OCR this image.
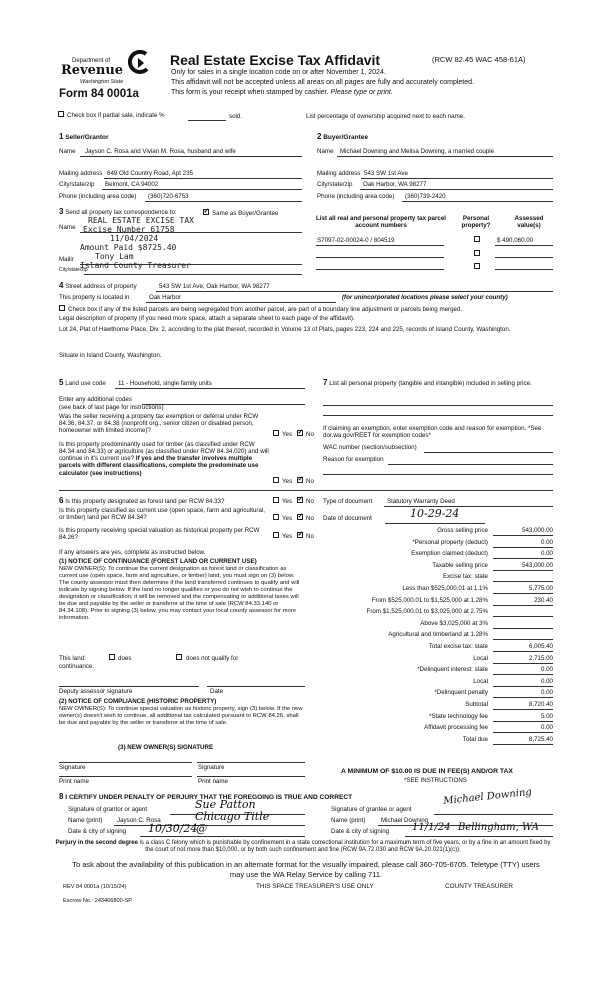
Department of
Revenue
Washington State
Form 84 0001a
Real Estate Excise Tax Affidavit	(RCW 82.45 WAC 458-61A)
Only for sales in a single location code on or after November 1, 2024.
This affidavit will not be accepted unless all areas on all pages are fully and accurately completed.
This form is your receipt when stamped by cashier. Please type or print.
Check box if partial sale, indicate %	sold.	List percentage of ownership acquired next to each name.
1 Seller/Grantor
Name Jayson C. Rosa and Vivian M. Rosa, husband and wife
Mailing address 649 Old Country Road, Apt 235
City/state/zip Belmont, CA 94002
Phone (including area code) (360)720-6753
2 Buyer/Grantee
Name Michael Downing and Melisa Downing, a married couple
Mailing address 543 SW 1st Ave
City/state/zip Oak Harbor, WA 98277
Phone (including area code) (360)739-2420
3 Send all property tax correspondence to: ✓	Same as Buyer/Grantee
Name
Mailir
City/state/zip
REAL ESTATE EXCISE TAX
Excise Number 61758
11/04/2024
Amount Paid $8725.40
Tony Lam
Island County Treasurer
List all real and personal property tax parcel account numbers
Personal property?
Assessed value(s)
S7097-02-00024-0 / 804519	$ 490,060.00
4 Street address of property	543 SW 1st Ave, Oak Harbor, WA 98277
This property is located in	Oak Harbor	(for unincorporated locations please select your county)
Check box if any of the listed parcels are being segregated from another parcel, are part of a boundary line adjustment or parcels being merged.
Legal description of property (if you need more space, attach a separate sheet to each page of the affidavit).
Lot 24, Plat of Hawthorne Place, Div. 2, according to the plat thereof, recorded in Volume 13 of Plats, pages 223, 224 and 225, records of Island County, Washington.
Situate in Island County, Washington.
5 Land use code 11 - Household, single family units
Enter any additional codes
(see back of last page for instructions)
Was the seller receiving a property tax exemption or deferral under RCW 84.36, 84.37, or 84.38 (nonprofit org., senior citizen or disabled person, homeowner with limited income)?
Yes ✓ No
Is this property predominantly used for timber (as classified under RCW 84.34 and 84.33) or agriculture (as classified under RCW 84.34.020) and will continue in it's current use? If yes and the transfer involves multiple parcels with different classifications, complete the predominate use calculator (see instructions)
Yes ✓ No
7 List all personal property (tangible and intangible) included in selling price.
If claiming an exemption, enter exemption code and reason for exemption. *See dor.wa.gov/REET for exemption codes*
WAC number (section/subsection)
Reason for exemption
6 Is this property designated as forest land per RCW 84.33?	Yes ✓ No
Is this property classified as current use (open space, farm and agricultural, or timber) land per RCW 84.34?	Yes ✓ No
Is this property receiving special valuation as historical property per RCW 84.26?	Yes ✓ No
If any answers are yes, complete as instructed below.
(1) NOTICE OF CONTINUANCE (FOREST LAND OR CURRENT USE)
NEW OWNER(S): To continue the current designation as forest land or classification as current use (open space, farm and agriculture, or timber) land, you must sign on (3) below. The county assessor must then determine if the land transferred continues to qualify and will indicate by signing below. If the land no longer qualifies or you do not wish to continue the designation or classification, it will be removed and the compensating or additional taxes will be due and payable by the seller or transferor at the time of sale (RCW 84.33.140 or 84.34.108). Prior to signing (3) below, you may contact your local county assessor for more information.
This land:	does	does not qualify for
continuance.
Deputy assessor signature	Date
(2) NOTICE OF COMPLIANCE (HISTORIC PROPERTY)
NEW OWNER(S): To continue special valuation as historic property, sign (3) below. If the new owner(s) doesn't wish to continue, all additional tax calculated pursuant to RCW 84.26, shall be due and payable by the seller or transferor at the time of sale.
(3) NEW OWNER(S) SIGNATURE
Signature	Signature
Print name	Print name
Type of document Statutory Warranty Deed
Date of document	10-29-24
Gross selling price	543,000.00
*Personal property (deduct)	0.00
Exemption claimed (deduct)	0.00
Taxable selling price	543,000.00
Excise tax: state
Less than $525,000.01 at 1.1%	5,775.00
From $525,000.01 to $1,525,000 at 1.28%	230.40
From $1,525,000.01 to $3,025,000 at 2.75%
Above $3,025,000 at 3%
Agricultural and timberland at 1.28%
Total excise tax: state	6,005.40
Local	2,715.00
*Delinquent interest: state	0.00
Local	0.00
*Delinquent penalty	0.00
Subtotal	8,720.40
*State technology fee	5.00
Affidavit processing fee	0.00
Total due	8,725.40
A MINIMUM OF $10.00 IS DUE IN FEE(S) AND/OR TAX
*SEE INSTRUCTIONS
8 I CERTIFY UNDER PENALTY OF PERJURY THAT THE FOREGOING IS TRUE AND CORRECT
Signature of grantor or agent	Sue Patton
Name (print) Jayson C. Rosa	Chicago Title
Date & city of signing 10/30/24
@
Signature of grantee or agent
Michael Downing
Name (print)	Michael Downing
Date & city of signing 11/1/24 Bellingham, WA
Perjury in the second degree is a class C felony which is punishable by confinement in a state correctional institution for a maximum term of five years, or by a fine in an amount fixed by the court of not more than $10,000, or by both such confinement and fine (RCW 9A.72.030 and RCW 9A.20.021(1)(c)).
To ask about the availability of this publication in an alternate format for the visually impaired, please call 360-705-6705. Teletype (TTY) users may use the WA Relay Service by calling 711.
REV 84 0001a (10/15/24)	THIS SPACE TREASURER'S USE ONLY	COUNTY TREASURER
Escrow No.: 243466800-SP
